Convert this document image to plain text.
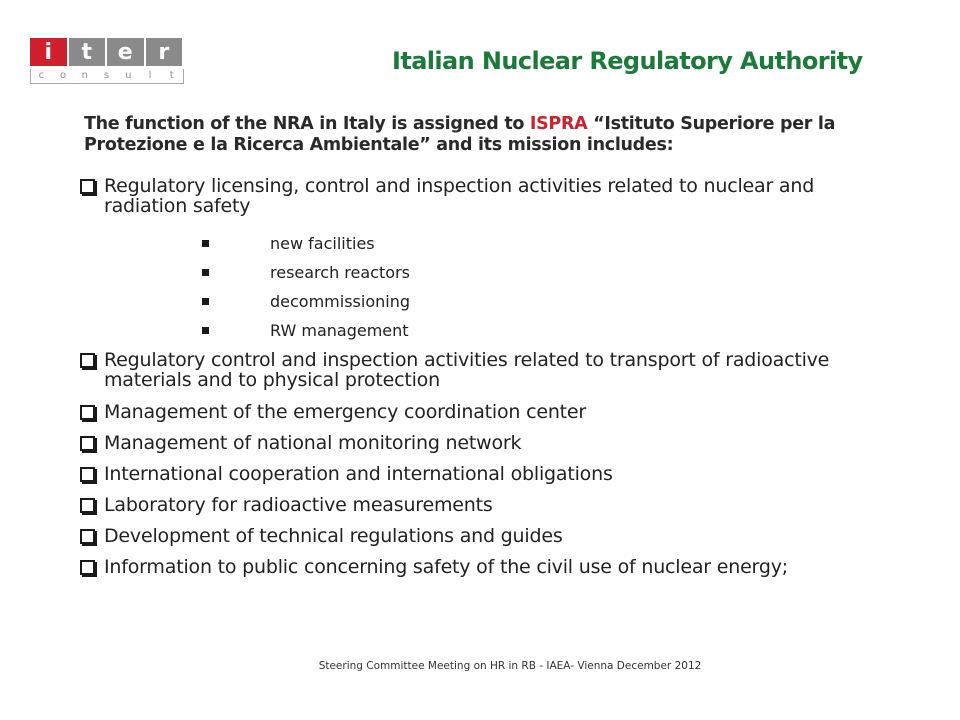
i	t	e	r
c	o	n	s	u	l	t
Italian Nuclear Regulatory Authority

The function of the NRA in Italy is assigned to ISPRA “Istituto Superiore per la Protezione e la Ricerca Ambientale” and its mission includes:

Regulatory licensing, control and inspection activities related to nuclear and radiation safety
new facilities
research reactors
decommissioning
RW management
Regulatory control and inspection activities related to transport of radioactive materials and to physical protection
Management of the emergency coordination center
Management of national monitoring network
International cooperation and international obligations
Laboratory for radioactive measurements
Development of technical regulations and guides
Information to public concerning safety of the civil use of nuclear energy;

Steering Committee Meeting on HR in RB - IAEA- Vienna December 2012
